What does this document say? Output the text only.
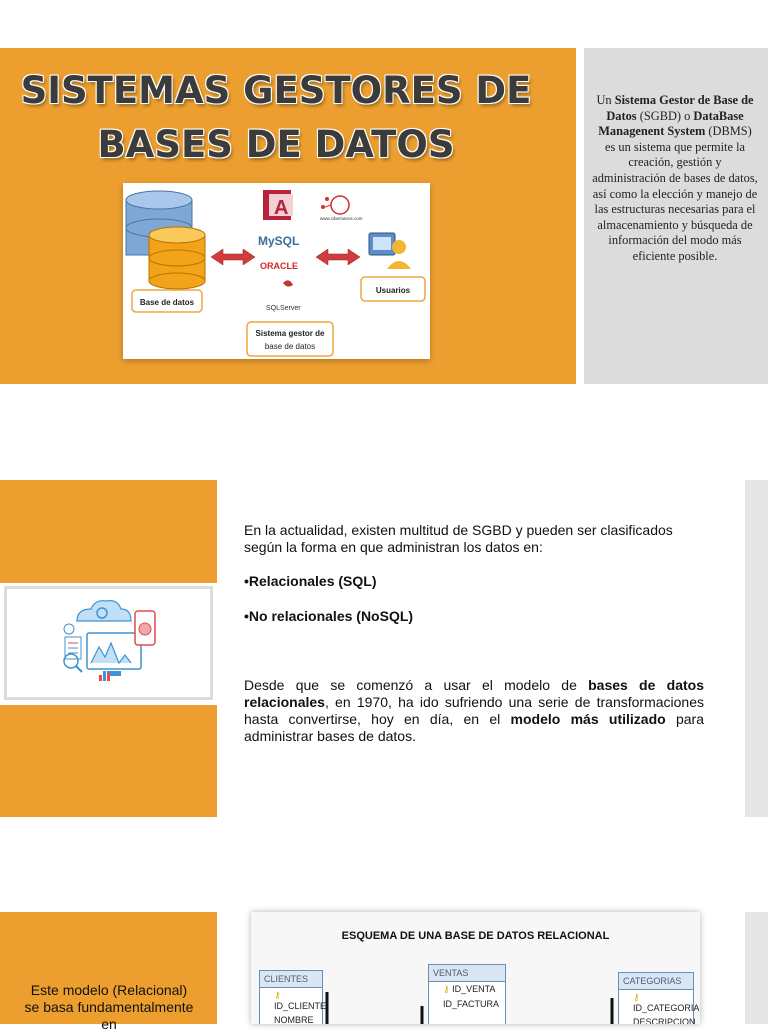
SISTEMAS GESTORES DE
BASES DE DATOS
Base de datos
A
MySQL
ORACLE
SQLServer
www.cibernanos.com
Usuarios
Sistema gestor de
base de datos
Un Sistema Gestor de Base de Datos (SGBD) o DataBase Managenent System (DBMS) es un sistema que permite la creación, gestión y administración de bases de datos, así como la elección y manejo de las estructuras necesarias para el almacenamiento y búsqueda de información del modo más eficiente posible.

En la actualidad, existen multitud de SGBD y pueden ser clasificados según la forma en que administran los datos en:

•Relacionales (SQL)

•No relacionales (NoSQL)

Desde que se comenzó a usar el modelo de bases de datos relacionales, en 1970, ha ido sufriendo una serie de transformaciones hasta convertirse, hoy en día, en el modelo más utilizado para administrar bases de datos.

Este modelo (Relacional) se basa fundamentalmente en
ESQUEMA DE UNA BASE DE DATOS RELACIONAL
CLIENTES
⚷ ID_CLIENTE
NOMBRE
VENTAS
⚷ ID_VENTA
ID_FACTURA
CATEGORIAS
⚷ ID_CATEGORIA
DESCRIPCION
